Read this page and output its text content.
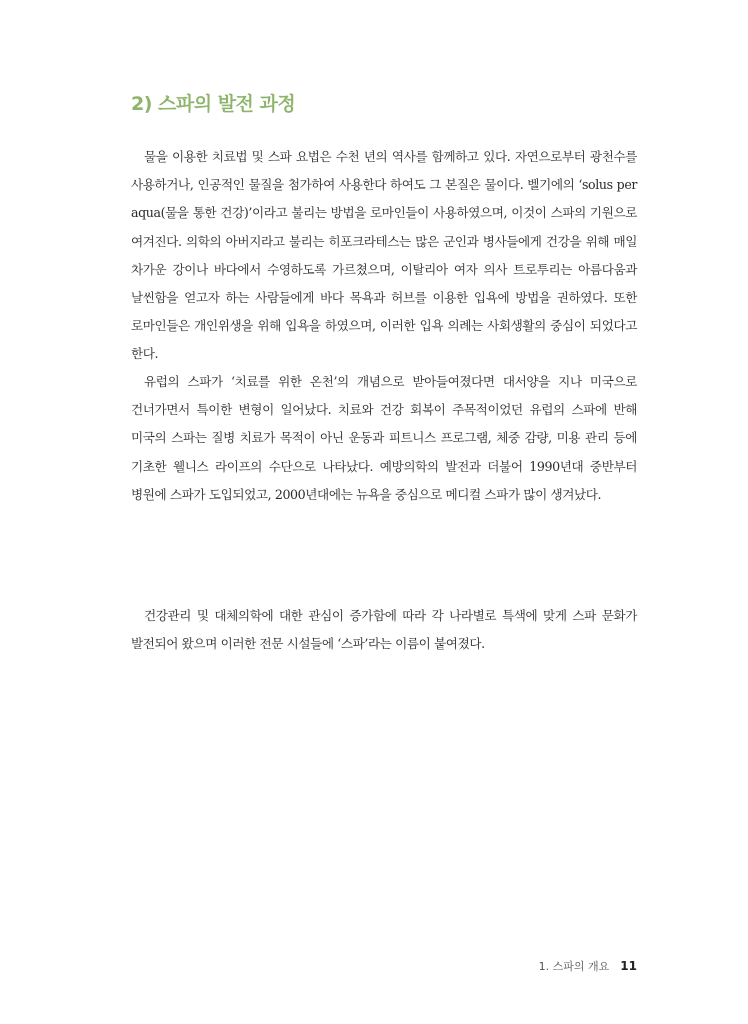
2) 스파의 발전 과정

물을 이용한 치료법 및 스파 요법은 수천 년의 역사를 함께하고 있다. 자연으로부터 광천수를 사용하거나, 인공적인 물질을 첨가하여 사용한다 하여도 그 본질은 물이다. 벨기에의 ‘solus per aqua(물을 통한 건강)’이라고 불리는 방법을 로마인들이 사용하였으며, 이것이 스파의 기원으로 여겨진다. 의학의 아버지라고 불리는 히포크라테스는 많은 군인과 병사들에게 건강을 위해 매일 차가운 강이나 바다에서 수영하도록 가르쳤으며, 이탈리아 여자 의사 트로투리는 아름다움과 날씬함을 얻고자 하는 사람들에게 바다 목욕과 허브를 이용한 입욕에 방법을 권하였다. 또한 로마인들은 개인위생을 위해 입욕을 하였으며, 이러한 입욕 의례는 사회생활의 중심이 되었다고 한다.

유럽의 스파가 ‘치료를 위한 온천’의 개념으로 받아들여졌다면 대서양을 지나 미국으로 건너가면서 특이한 변형이 일어났다. 치료와 건강 회복이 주목적이었던 유럽의 스파에 반해 미국의 스파는 질병 치료가 목적이 아닌 운동과 피트니스 프로그램, 체중 감량, 미용 관리 등에 기초한 웰니스 라이프의 수단으로 나타났다. 예방의학의 발전과 더불어 1990년대 중반부터 병원에 스파가 도입되었고, 2000년대에는 뉴욕을 중심으로 메디컬 스파가 많이 생겨났다.

건강관리 및 대체의학에 대한 관심이 증가함에 따라 각 나라별로 특색에 맞게 스파 문화가 발전되어 왔으며 이러한 전문 시설들에 ‘스파’라는 이름이 붙여졌다.

1. 스파의 개요 11
